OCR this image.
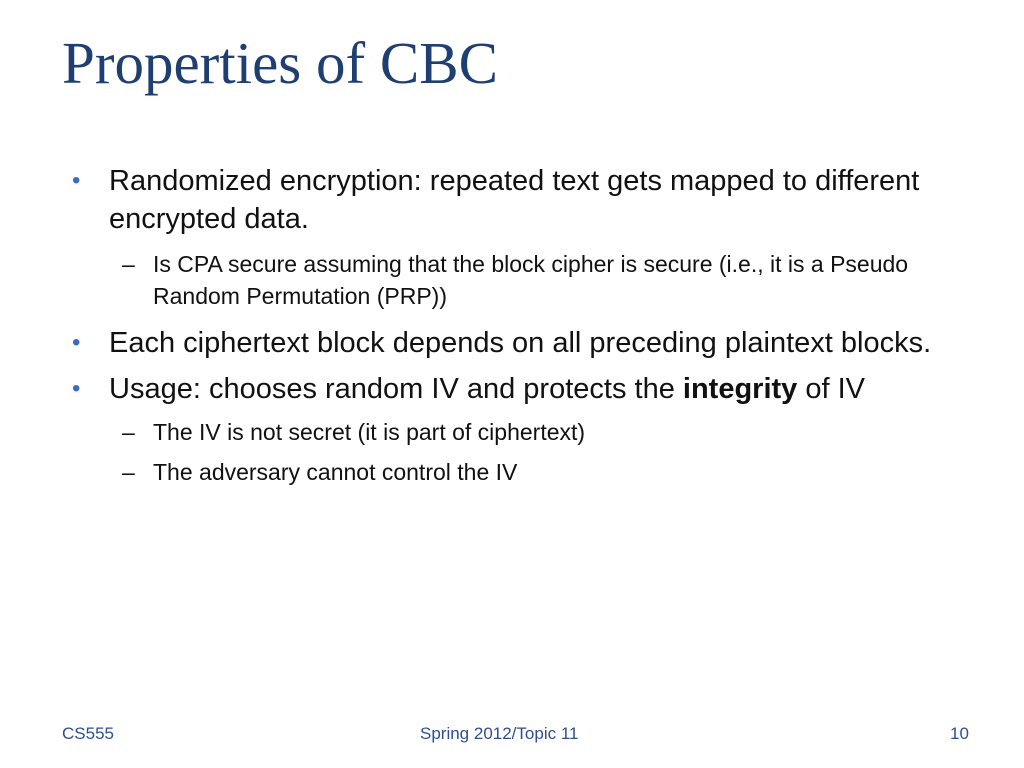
Properties of CBC
• Randomized encryption: repeated text gets mapped to different encrypted data.
– Is CPA secure assuming that the block cipher is secure (i.e., it is a Pseudo Random Permutation (PRP))
• Each ciphertext block depends on all preceding plaintext blocks.
• Usage: chooses random IV and protects the integrity of IV
– The IV is not secret (it is part of ciphertext)
– The adversary cannot control the IV
CS555	Spring 2012/Topic 11	10
